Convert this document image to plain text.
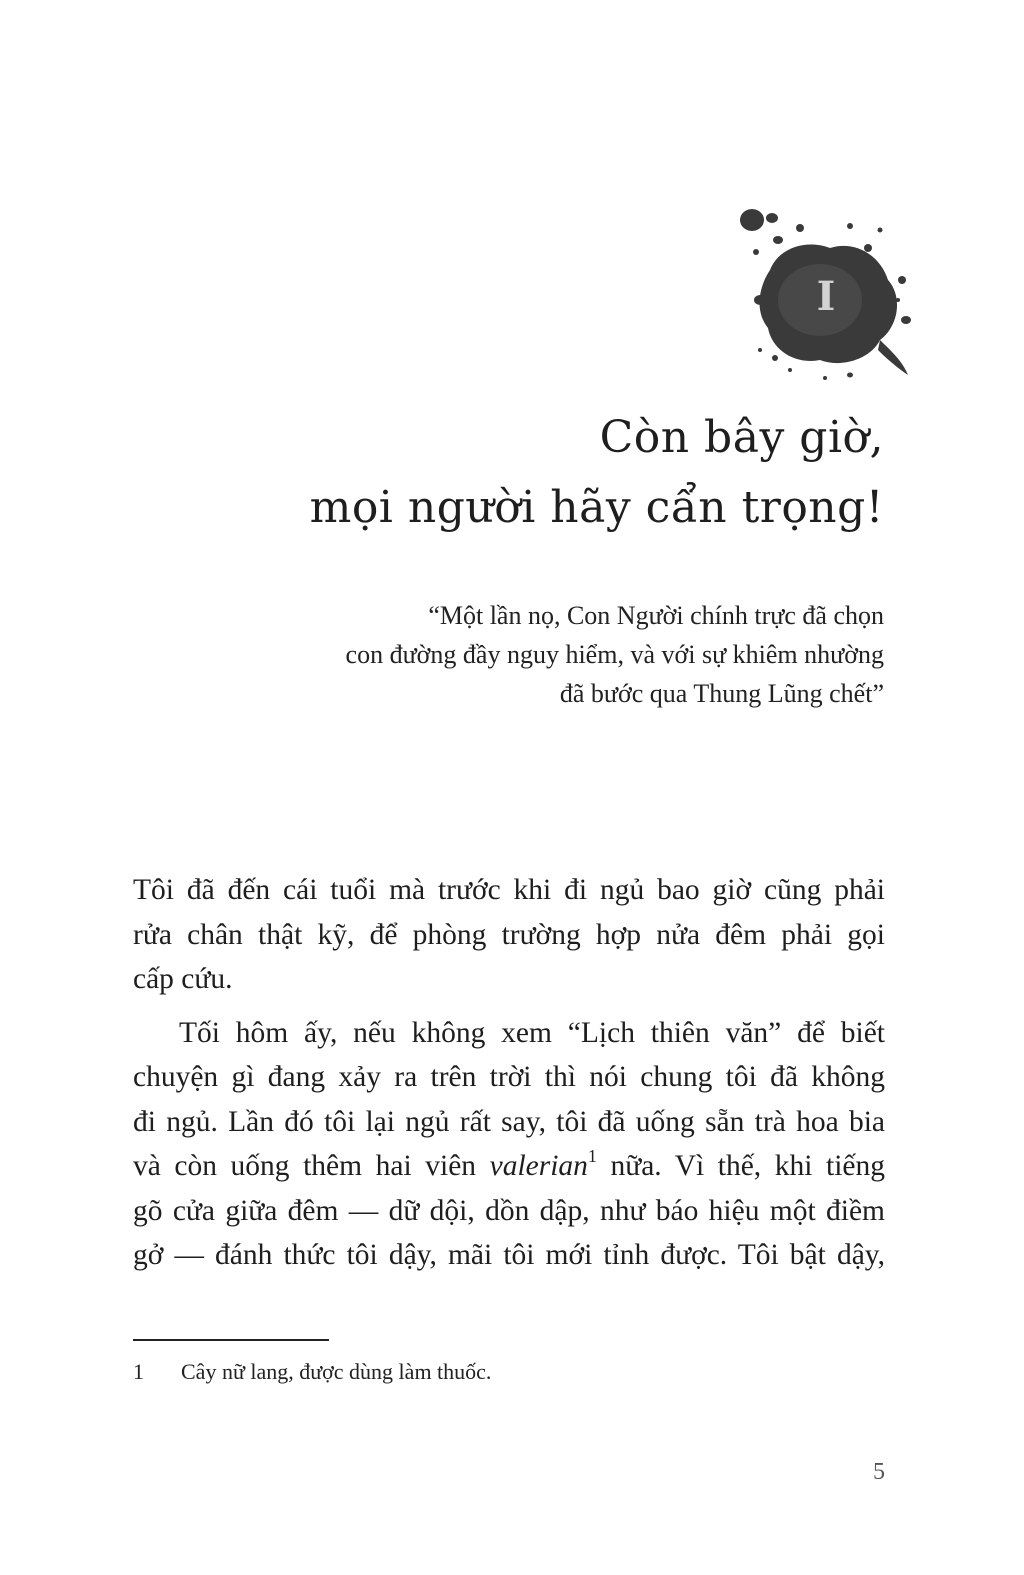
I
Còn bây giờ,
mọi người hãy cẩn trọng!
“Một lần nọ, Con Người chính trực đã chọn
con đường đầy nguy hiểm, và với sự khiêm nhường
đã bước qua Thung Lũng chết”

Tôi đã đến cái tuổi mà trước khi đi ngủ bao giờ cũng phải
rửa chân thật kỹ, để phòng trường hợp nửa đêm phải gọi
cấp cứu.

Tối hôm ấy, nếu không xem “Lịch thiên văn” để biết
chuyện gì đang xảy ra trên trời thì nói chung tôi đã không
đi ngủ. Lần đó tôi lại ngủ rất say, tôi đã uống sẵn trà hoa bia
và còn uống thêm hai viên valerian$^1$ nữa. Vì thế, khi tiếng
gõ cửa giữa đêm — dữ dội, dồn dập, như báo hiệu một điềm
gở — đánh thức tôi dậy, mãi tôi mới tỉnh được. Tôi bật dậy,

1 Cây nữ lang, được dùng làm thuốc.
5
